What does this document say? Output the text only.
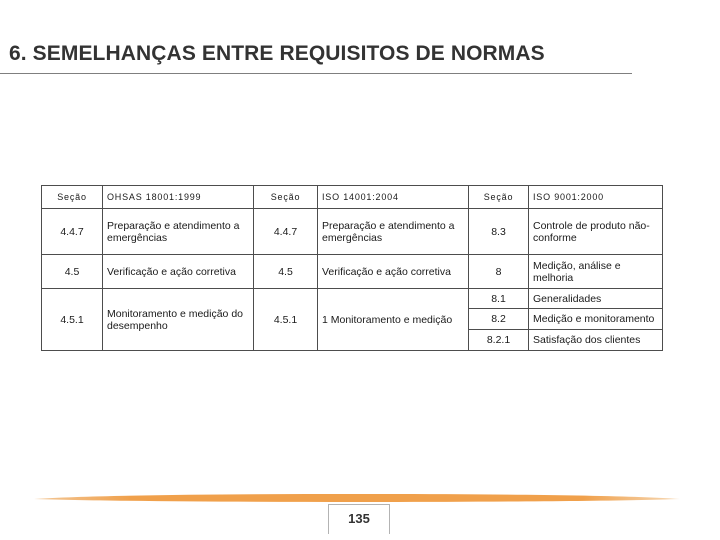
6. SEMELHANÇAS ENTRE REQUISITOS DE NORMAS
Seção	OHSAS 18001:1999	Seção	ISO 14001:2004	Seção	ISO 9001:2000
4.4.7	Preparação e atendimento a emergências	4.4.7	Preparação e atendimento a emergências	8.3	Controle de produto não-conforme
4.5	Verificação e ação corretiva	4.5	Verificação e ação corretiva	8	Medição, análise e melhoria
4.5.1	Monitoramento e medição do desempenho	4.5.1	1 Monitoramento e medição	8.1	Generalidades
				8.2	Medição e monitoramento
				8.2.1	Satisfação dos clientes
135
